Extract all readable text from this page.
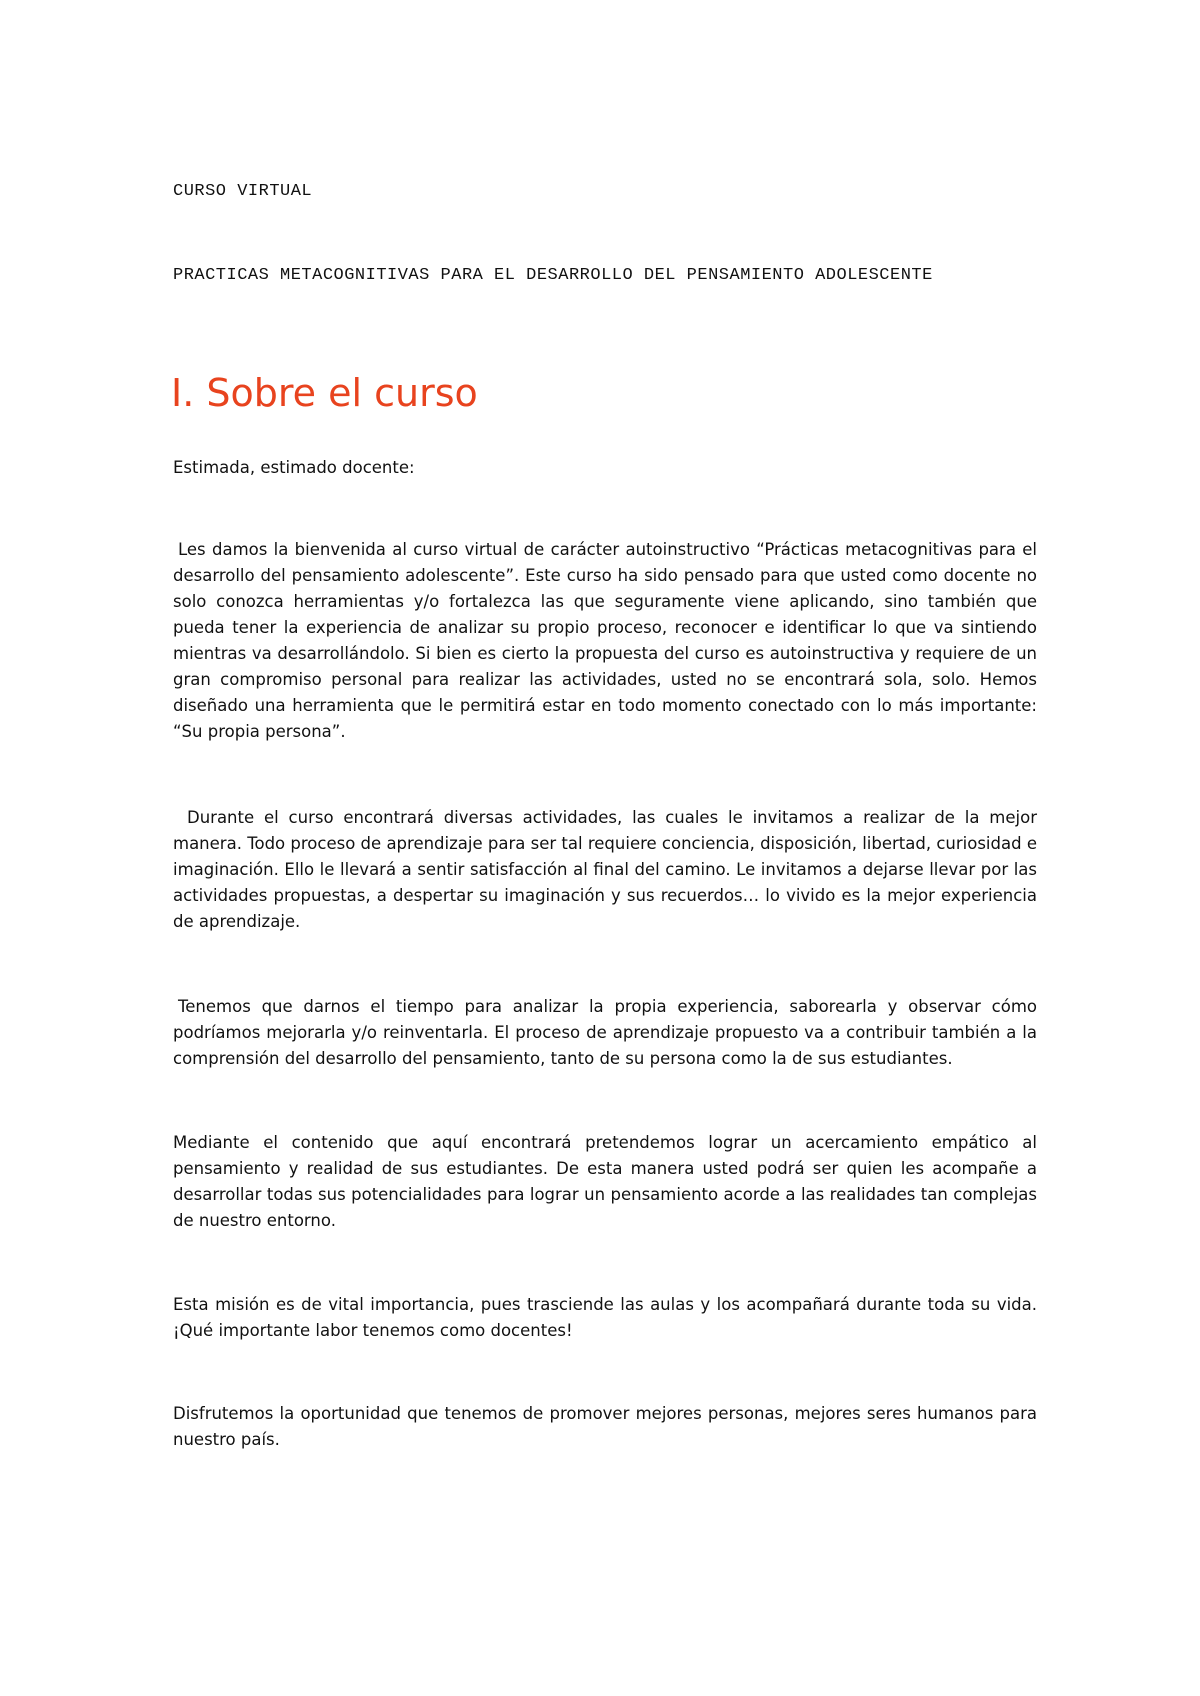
CURSO VIRTUAL

PRACTICAS METACOGNITIVAS PARA EL DESARROLLO DEL PENSAMIENTO ADOLESCENTE

I. Sobre el curso

Estimada, estimado docente:

Les damos la bienvenida al curso virtual de carácter autoinstructivo “Prácticas metacognitivas para el desarrollo del pensamiento adolescente”. Este curso ha sido pensado para que usted como docente no solo conozca herramientas y/o fortalezca las que seguramente viene aplicando, sino también que pueda tener la experiencia de analizar su propio proceso, reconocer e identificar lo que va sintiendo mientras va desarrollándolo. Si bien es cierto la propuesta del curso es autoinstructiva y requiere de un gran compromiso personal para realizar las actividades, usted no se encontrará sola, solo. Hemos diseñado una herramienta que le permitirá estar en todo momento conectado con lo más importante: “Su propia persona”.

Durante el curso encontrará diversas actividades, las cuales le invitamos a realizar de la mejor manera. Todo proceso de aprendizaje para ser tal requiere conciencia, disposición, libertad, curiosidad e imaginación. Ello le llevará a sentir satisfacción al final del camino. Le invitamos a dejarse llevar por las actividades propuestas, a despertar su imaginación y sus recuerdos… lo vivido es la mejor experiencia de aprendizaje.

Tenemos que darnos el tiempo para analizar la propia experiencia, saborearla y observar cómo podríamos mejorarla y/o reinventarla. El proceso de aprendizaje propuesto va a contribuir también a la comprensión del desarrollo del pensamiento, tanto de su persona como la de sus estudiantes.

Mediante el contenido que aquí encontrará pretendemos lograr un acercamiento empático al pensamiento y realidad de sus estudiantes. De esta manera usted podrá ser quien les acompañe a desarrollar todas sus potencialidades para lograr un pensamiento acorde a las realidades tan complejas de nuestro entorno.

Esta misión es de vital importancia, pues trasciende las aulas y los acompañará durante toda su vida. ¡Qué importante labor tenemos como docentes!

Disfrutemos la oportunidad que tenemos de promover mejores personas, mejores seres humanos para nuestro país.
